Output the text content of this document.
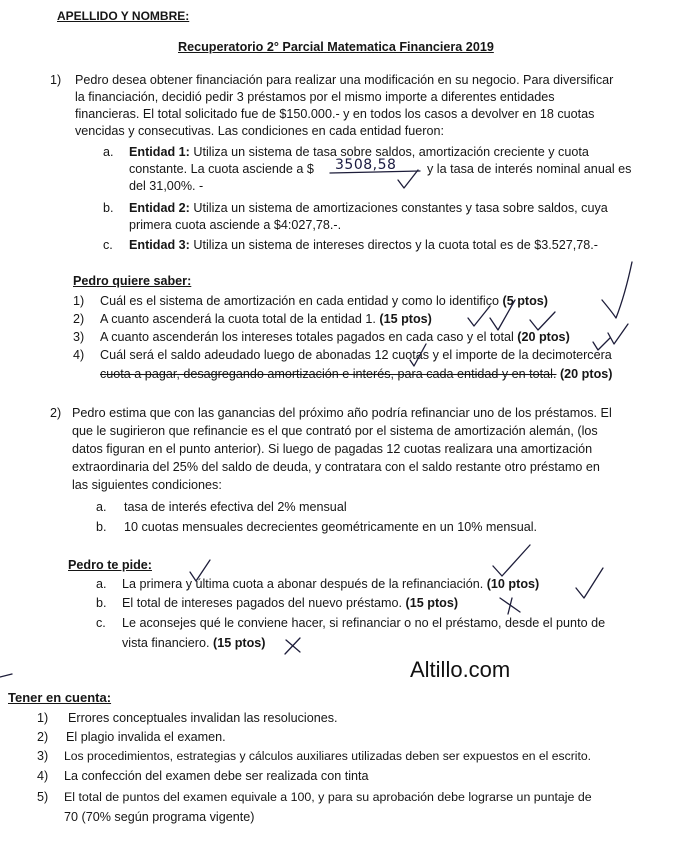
APELLIDO Y NOMBRE:
Recuperatorio 2° Parcial Matematica Financiera 2019
1) Pedro desea obtener financiación para realizar una modificación en su negocio. Para diversificar
la financiación, decidió pedir 3 préstamos por el mismo importe a diferentes entidades
financieras. El total solicitado fue de $150.000.- y en todos los casos a devolver en 18 cuotas
vencidas y consecutivas. Las condiciones en cada entidad fueron:
a. Entidad 1: Utiliza un sistema de tasa sobre saldos, amortización creciente y cuota
constante. La cuota asciende a $ 3508,58 y la tasa de interés nominal anual es
del 31,00%. -
b. Entidad 2: Utiliza un sistema de amortizaciones constantes y tasa sobre saldos, cuya
primera cuota asciende a $4:027,78.-.
c. Entidad 3: Utiliza un sistema de intereses directos y la cuota total es de $3.527,78.-
Pedro quiere saber:
1) Cuál es el sistema de amortización en cada entidad y como lo identifico (5 ptos)
2) A cuanto ascenderá la cuota total de la entidad 1. (15 ptos)
3) A cuanto ascenderán los intereses totales pagados en cada caso y el total (20 ptos)
4) Cuál será el saldo adeudado luego de abonadas 12 cuotas y el importe de la decimotercera
cuota a pagar, desagregando amortización e interés, para cada entidad y en total. (20 ptos)
2) Pedro estima que con las ganancias del próximo año podría refinanciar uno de los préstamos. El
que le sugirieron que refinancie es el que contrató por el sistema de amortización alemán, (los
datos figuran en el punto anterior). Si luego de pagadas 12 cuotas realizara una amortización
extraordinaria del 25% del saldo de deuda, y contratara con el saldo restante otro préstamo en
las siguientes condiciones:
a. tasa de interés efectiva del 2% mensual
b. 10 cuotas mensuales decrecientes geométricamente en un 10% mensual.
Pedro te pide:
a. La primera y última cuota a abonar después de la refinanciación. (10 ptos)
b. El total de intereses pagados del nuevo préstamo. (15 ptos)
c. Le aconsejes qué le conviene hacer, si refinanciar o no el préstamo, desde el punto de
vista financiero. (15 ptos)
Altillo.com
Tener en cuenta:
1) Errores conceptuales invalidan las resoluciones.
2) El plagio invalida el examen.
3) Los procedimientos, estrategias y cálculos auxiliares utilizadas deben ser expuestos en el escrito.
4) La confección del examen debe ser realizada con tinta
5) El total de puntos del examen equivale a 100, y para su aprobación debe lograrse un puntaje de
70 (70% según programa vigente)
